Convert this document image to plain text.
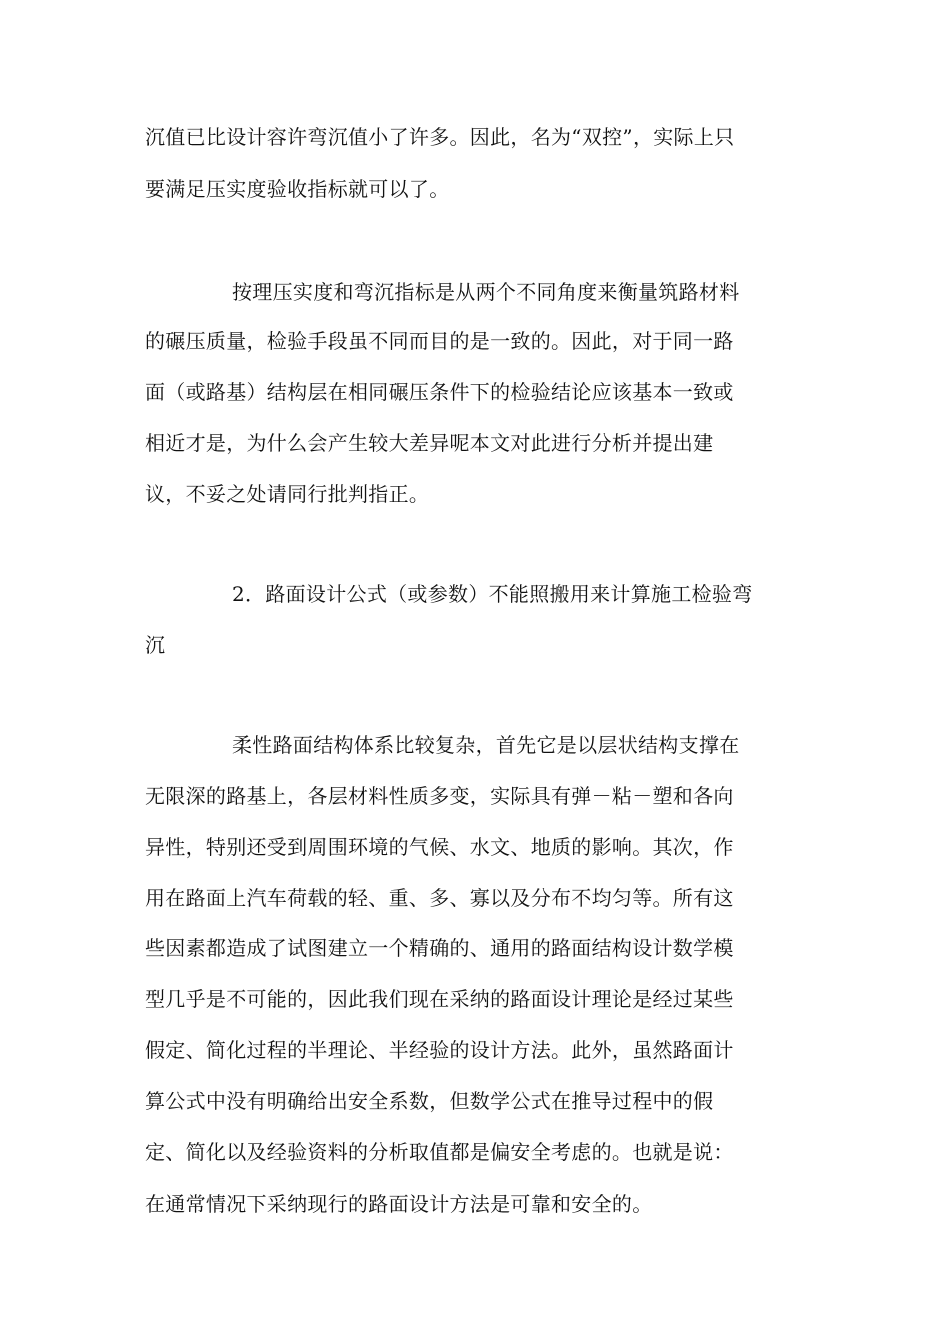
沉值已比设计容许弯沉值小了许多。因此，名为“双控”，实际上只

要满足压实度验收指标就可以了。

按理压实度和弯沉指标是从两个不同角度来衡量筑路材料

的碾压质量，检验手段虽不同而目的是一致的。因此，对于同一路

面（或路基）结构层在相同碾压条件下的检验结论应该基本一致或

相近才是，为什么会产生较大差异呢本文对此进行分析并提出建

议，不妥之处请同行批判指正。

2．路面设计公式（或参数）不能照搬用来计算施工检验弯

沉

柔性路面结构体系比较复杂，首先它是以层状结构支撑在

无限深的路基上，各层材料性质多变，实际具有弹－粘－塑和各向

异性，特别还受到周围环境的气候、水文、地质的影响。其次，作

用在路面上汽车荷载的轻、重、多、寡以及分布不均匀等。所有这

些因素都造成了试图建立一个精确的、通用的路面结构设计数学模

型几乎是不可能的，因此我们现在采纳的路面设计理论是经过某些

假定、简化过程的半理论、半经验的设计方法。此外，虽然路面计

算公式中没有明确给出安全系数，但数学公式在推导过程中的假

定、简化以及经验资料的分析取值都是偏安全考虑的。也就是说：

在通常情况下采纳现行的路面设计方法是可靠和安全的。
